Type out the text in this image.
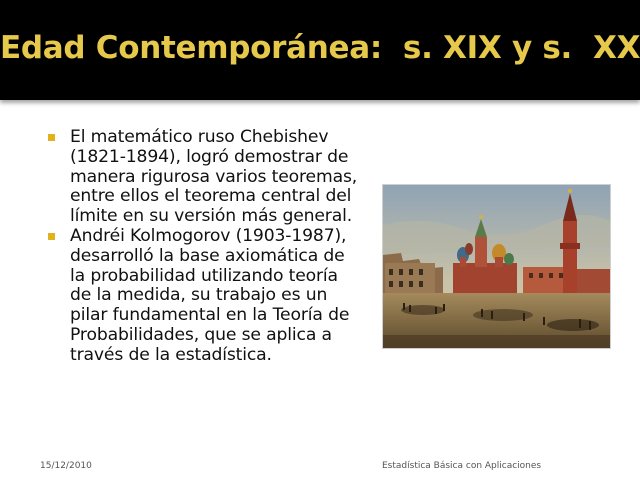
Edad Contemporánea:  s. XIX y s.  XX
El matemático ruso Chebishev (1821-1894), logró demostrar de manera rigurosa varios teoremas, entre ellos el teorema central del límite en su versión más general.
Andréi Kolmogorov (1903-1987), desarrolló la base axiomática de la probabilidad utilizando teoría de la medida, su trabajo es un pilar fundamental en la Teoría de Probabilidades, que se aplica a través de la estadística.
15/12/2010	Estadística Básica con Aplicaciones
